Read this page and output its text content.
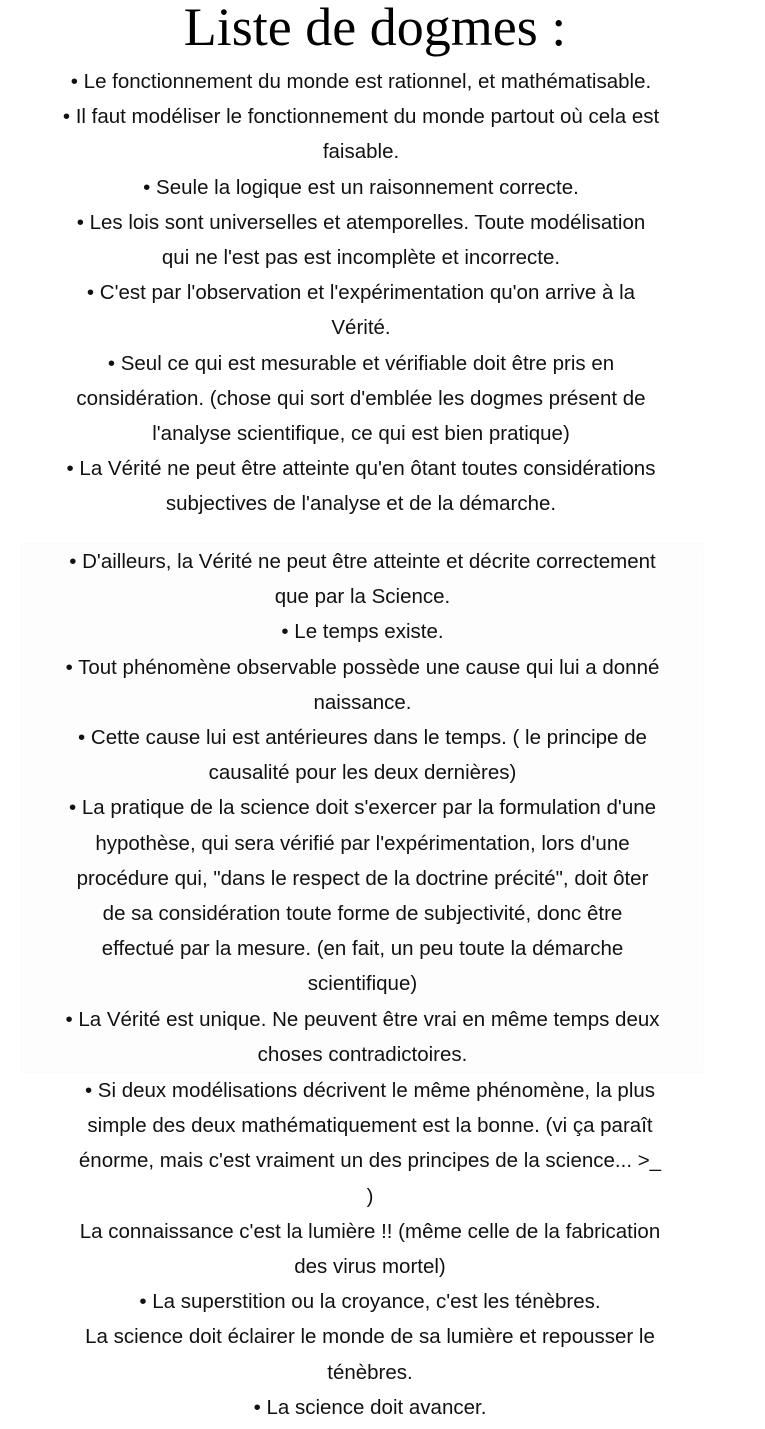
Liste de dogmes :
• Le fonctionnement du monde est rationnel, et mathématisable.
• Il faut modéliser le fonctionnement du monde partout où cela est
faisable.
• Seule la logique est un raisonnement correcte.
• Les lois sont universelles et atemporelles. Toute modélisation
qui ne l'est pas est incomplète et incorrecte.
• C'est par l'observation et l'expérimentation qu'on arrive à la
Vérité.
• Seul ce qui est mesurable et vérifiable doit être pris en
considération. (chose qui sort d'emblée les dogmes présent de
l'analyse scientifique, ce qui est bien pratique)
• La Vérité ne peut être atteinte qu'en ôtant toutes considérations
subjectives de l'analyse et de la démarche.
• D'ailleurs, la Vérité ne peut être atteinte et décrite correctement
que par la Science.
• Le temps existe.
• Tout phénomène observable possède une cause qui lui a donné
naissance.
• Cette cause lui est antérieures dans le temps. ( le principe de
causalité pour les deux dernières)
• La pratique de la science doit s'exercer par la formulation d'une
hypothèse, qui sera vérifié par l'expérimentation, lors d'une
procédure qui, "dans le respect de la doctrine précité", doit ôter
de sa considération toute forme de subjectivité, donc être
effectué par la mesure. (en fait, un peu toute la démarche
scientifique)
• La Vérité est unique. Ne peuvent être vrai en même temps deux
choses contradictoires.
• Si deux modélisations décrivent le même phénomène, la plus
simple des deux mathématiquement est la bonne. (vi ça paraît
énorme, mais c'est vraiment un des principes de la science... >_
)
La connaissance c'est la lumière !! (même celle de la fabrication
des virus mortel)
• La superstition ou la croyance, c'est les ténèbres.
La science doit éclairer le monde de sa lumière et repousser le
ténèbres.
• La science doit avancer.
